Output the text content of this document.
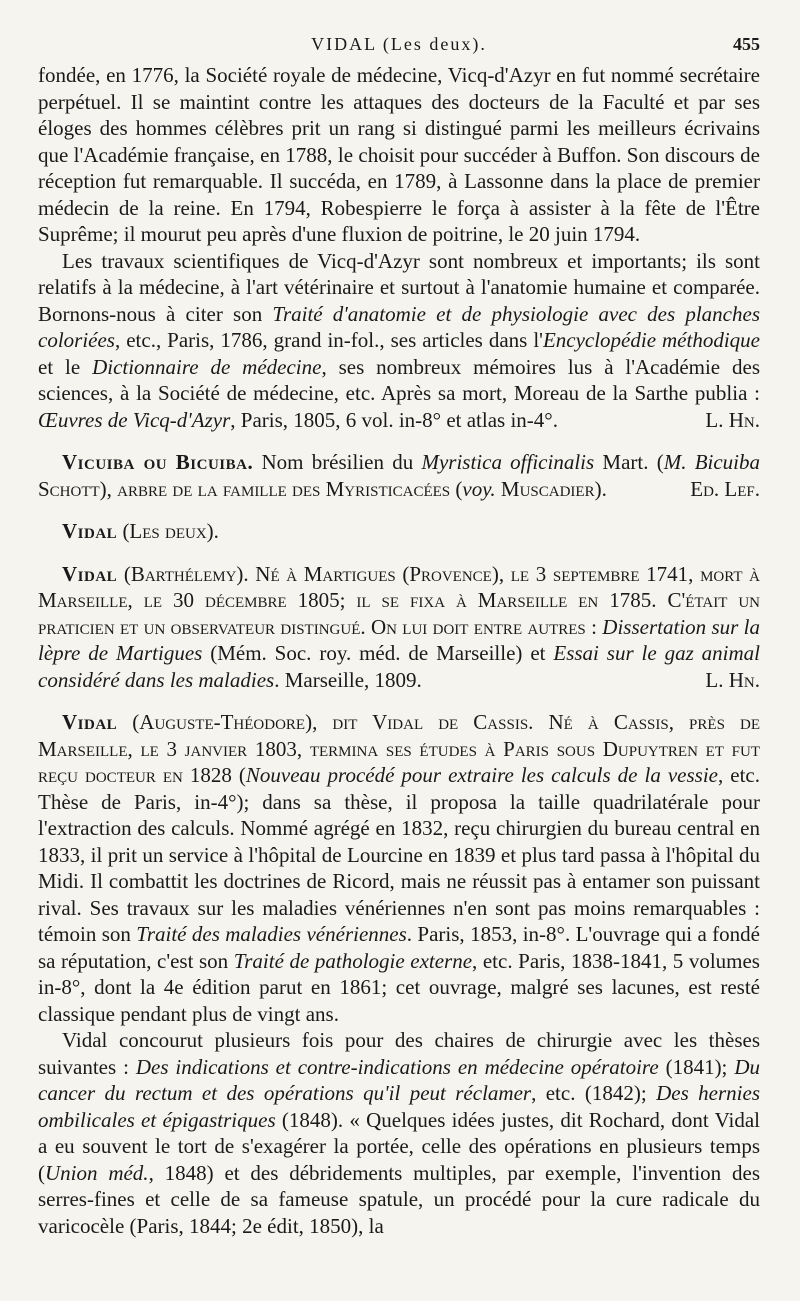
VIDAL (Les deux).	455

fondée, en 1776, la Société royale de médecine, Vicq-d'Azyr en fut nommé secrétaire perpétuel. Il se maintint contre les attaques des docteurs de la Faculté et par ses éloges des hommes célèbres prit un rang si distingué parmi les meilleurs écrivains que l'Académie française, en 1788, le choisit pour succéder à Buffon. Son discours de réception fut remarquable. Il succéda, en 1789, à Lassonne dans la place de premier médecin de la reine. En 1794, Robespierre le força à assister à la fête de l'Être Suprême; il mourut peu après d'une fluxion de poitrine, le 20 juin 1794.

Les travaux scientifiques de Vicq-d'Azyr sont nombreux et importants; ils sont relatifs à la médecine, à l'art vétérinaire et surtout à l'anatomie humaine et comparée. Bornons-nous à citer son Traité d'anatomie et de physiologie avec des planches coloriées, etc., Paris, 1786, grand in-fol., ses articles dans l'Encyclopédie méthodique et le Dictionnaire de médecine, ses nombreux mémoires lus à l'Académie des sciences, à la Société de médecine, etc. Après sa mort, Moreau de la Sarthe publia : Œuvres de Vicq-d'Azyr, Paris, 1805, 6 vol. in-8° et atlas in-4°.	L. Hn.

Vicuiba ou Bicuiba. Nom brésilien du Myristica officinalis Mart. (M. Bicuiba Schott), arbre de la famille des Myristicacées (voy. Muscadier).	Ed. Lef.

Vidal (Les deux).

Vidal (Barthélemy). Né à Martigues (Provence), le 3 septembre 1741, mort à Marseille, le 30 décembre 1805; il se fixa à Marseille en 1785. C'était un praticien et un observateur distingué. On lui doit entre autres : Dissertation sur la lèpre de Martigues (Mém. Soc. roy. méd. de Marseille) et Essai sur le gaz animal considéré dans les maladies. Marseille, 1809.	L. Hn.

Vidal (Auguste-Théodore), dit Vidal de Cassis. Né à Cassis, près de Marseille, le 3 janvier 1803, termina ses études à Paris sous Dupuytren et fut reçu docteur en 1828 (Nouveau procédé pour extraire les calculs de la vessie, etc. Thèse de Paris, in-4°); dans sa thèse, il proposa la taille quadrilatérale pour l'extraction des calculs. Nommé agrégé en 1832, reçu chirurgien du bureau central en 1833, il prit un service à l'hôpital de Lourcine en 1839 et plus tard passa à l'hôpital du Midi. Il combattit les doctrines de Ricord, mais ne réussit pas à entamer son puissant rival. Ses travaux sur les maladies vénériennes n'en sont pas moins remarquables : témoin son Traité des maladies vénériennes. Paris, 1853, in-8°. L'ouvrage qui a fondé sa réputation, c'est son Traité de pathologie externe, etc. Paris, 1838-1841, 5 volumes in-8°, dont la 4e édition parut en 1861; cet ouvrage, malgré ses lacunes, est resté classique pendant plus de vingt ans.

Vidal concourut plusieurs fois pour des chaires de chirurgie avec les thèses suivantes : Des indications et contre-indications en médecine opératoire (1841); Du cancer du rectum et des opérations qu'il peut réclamer, etc. (1842); Des hernies ombilicales et épigastriques (1848). « Quelques idées justes, dit Rochard, dont Vidal a eu souvent le tort de s'exagérer la portée, celle des opérations en plusieurs temps (Union méd., 1848) et des débridements multiples, par exemple, l'invention des serres-fines et celle de sa fameuse spatule, un procédé pour la cure radicale du varicocèle (Paris, 1844; 2e édit, 1850), la
